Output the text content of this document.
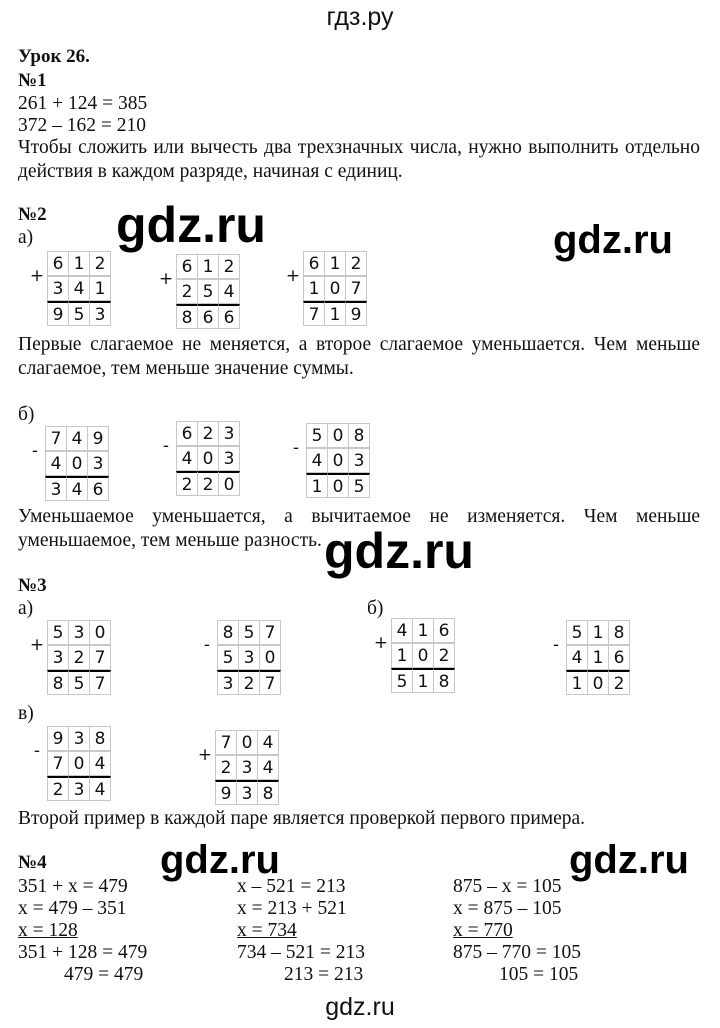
гдз.ру
Урок 26.
№1
261 + 124 = 385
372 – 162 = 210
Чтобы сложить или вычесть два трехзначных числа, нужно выполнить отдельно действия в каждом разряде, начиная с единиц.
№2 gdz.ru	gdz.ru
а)
+
6 1 2
3 4 1
9 5 3
+
6 1 2
2 5 4
8 6 6
+
6 1 2
1 0 7
7 1 9
Первые слагаемое не меняется, а второе слагаемое уменьшается. Чем меньше слагаемое, тем меньше значение суммы.
б)
-
7 4 9
4 0 3
3 4 6
-
6 2 3
4 0 3
2 2 0
-
5 0 8
4 0 3
1 0 5
Уменьшаемое уменьшается, а вычитаемое не изменяется. Чем меньше уменьшаемое, тем меньше разность. gdz.ru
№3
а)	б)
+
5 3 0
3 2 7
8 5 7
-
8 5 7
5 3 0
3 2 7
+
4 1 6
1 0 2
5 1 8
-
5 1 8
4 1 6
1 0 2
в)
-
9 3 8
7 0 4
2 3 4
+
7 0 4
2 3 4
9 3 8
Второй пример в каждой паре является проверкой первого примера.
№4	gdz.ru	gdz.ru
351 + х = 479
х = 479 – 351
х = 128
351 + 128 = 479
479 = 479
х – 521 = 213
х = 213 + 521
х = 734
734 – 521 = 213
213 = 213
875 – х = 105
х = 875 – 105
х = 770
875 – 770 = 105
105 = 105
gdz.ru
